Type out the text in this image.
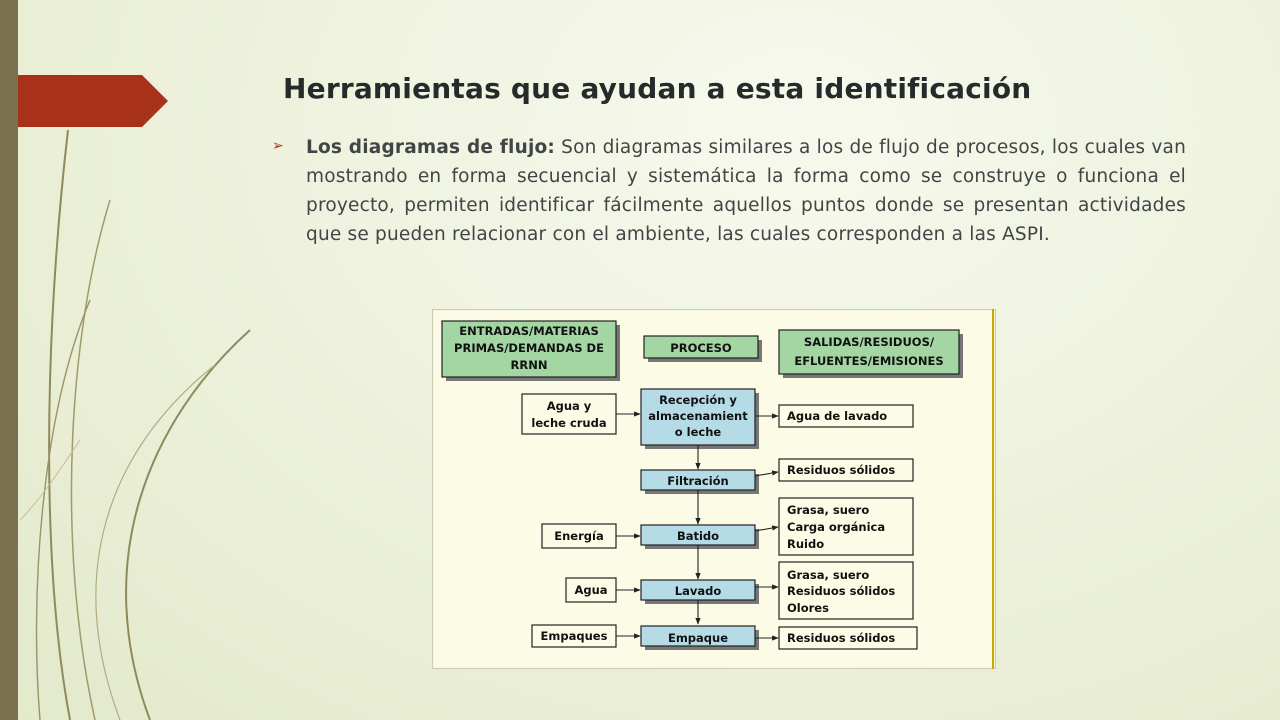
Herramientas que ayudan a esta identificación
➢ Los diagramas de flujo: Son diagramas similares a los de flujo de procesos, los cuales van mostrando en forma secuencial y sistemática la forma como se construye o funciona el proyecto, permiten identificar fácilmente aquellos puntos donde se presentan actividades que se pueden relacionar con el ambiente, las cuales corresponden a las ASPI.

ENTRADAS/MATERIAS
PRIMAS/DEMANDAS DE
RRNN
PROCESO	SALIDAS/RESIDUOS/
EFLUENTES/EMISIONES
Recepción y
almacenamient
o leche
Agua y
leche cruda	Agua de lavado
Filtración
Residuos sólidos
Batido
Energía
Grasa, suero
Carga orgánica
Ruido
Lavado
Agua
Grasa, suero
Residuos sólidos
Olores
Empaque
Empaques	Residuos sólidos
